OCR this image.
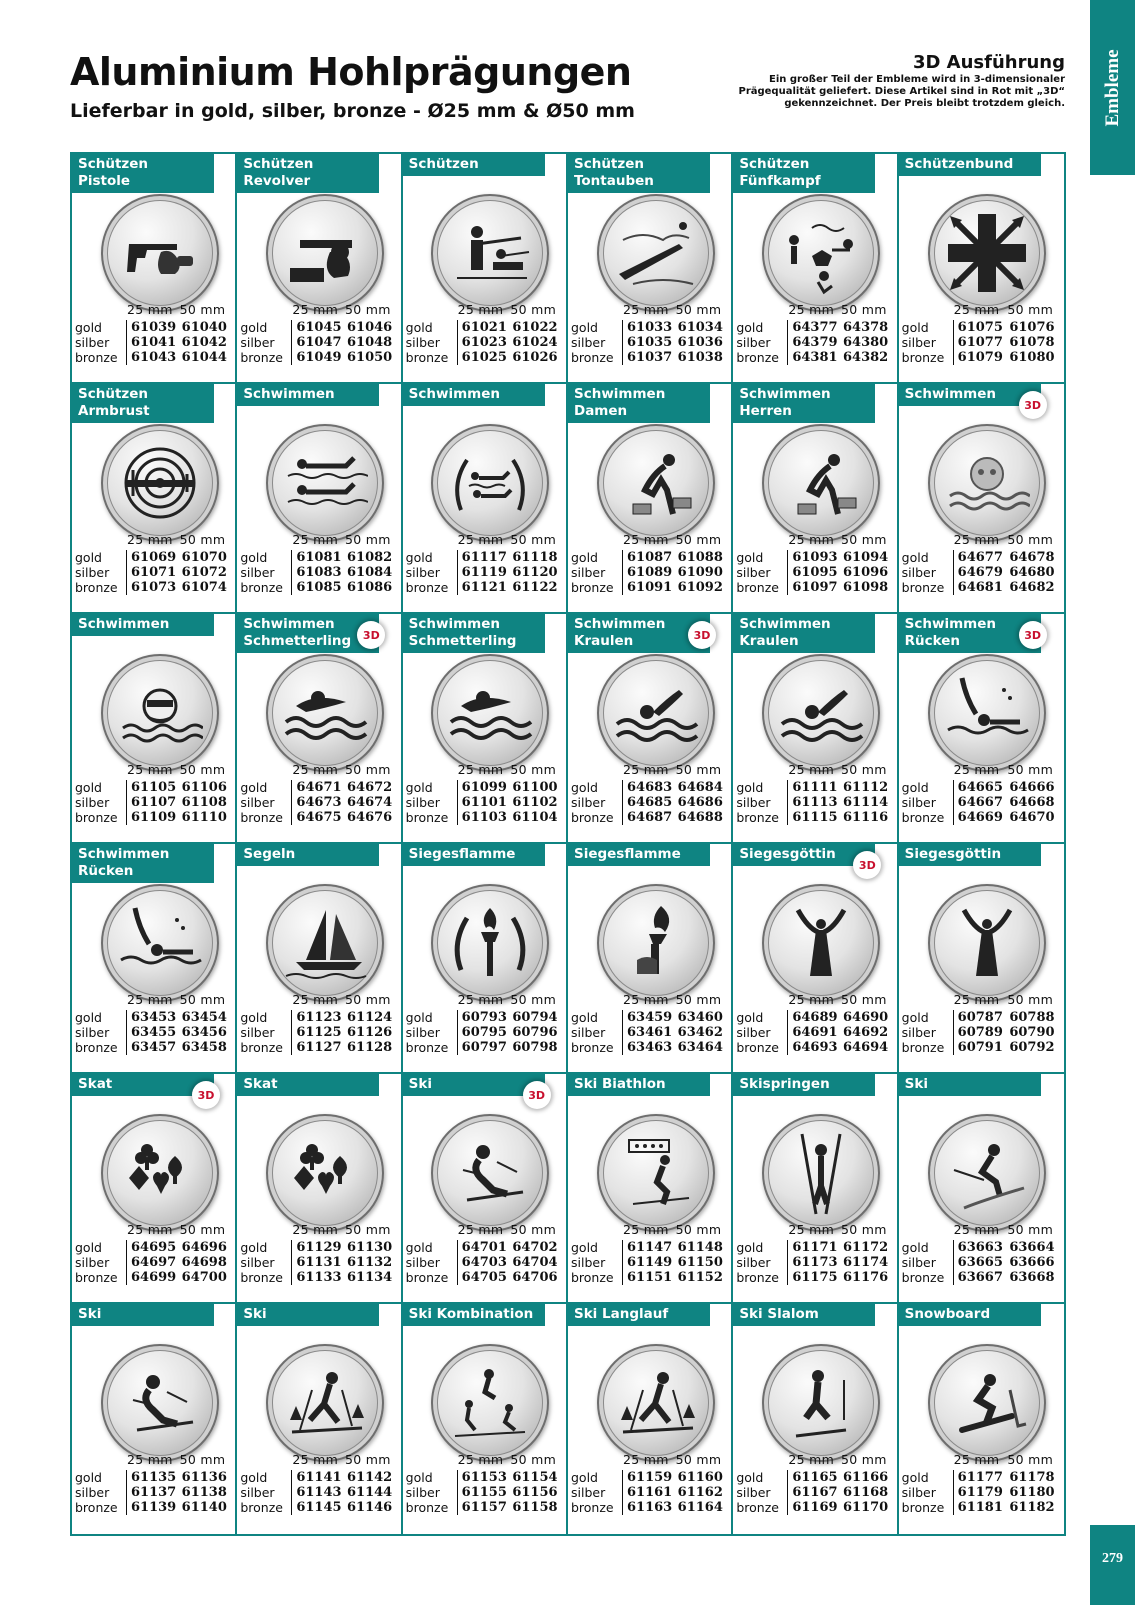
Aluminium Hohlprägungen
Lieferbar in gold, silber, bronze - Ø25 mm & Ø50 mm
3D Ausführung
Ein großer Teil der Embleme wird in 3-dimensionaler
Prägequalität geliefert. Diese Artikel sind in Rot mit „3D“
gekennzeichnet. Der Preis bleibt trotzdem gleich. Embleme
Schützen
Pistole
25 mm 50 mm
gold	61039 61040
silber	61041 61042
bronze	61043 61044
Schützen
Revolver
25 mm 50 mm
gold	61045 61046
silber	61047 61048
bronze	61049 61050
Schützen
25 mm 50 mm
gold	61021 61022
silber	61023 61024
bronze	61025 61026
Schützen
Tontauben
25 mm 50 mm
gold	61033 61034
silber	61035 61036
bronze	61037 61038
Schützen
Fünfkampf
25 mm 50 mm
gold	64377 64378
silber	64379 64380
bronze	64381 64382
Schützenbund
25 mm 50 mm
gold	61075 61076
silber	61077 61078
bronze	61079 61080
Schützen
Armbrust
25 mm 50 mm
gold	61069 61070
silber	61071 61072
bronze	61073 61074
Schwimmen
25 mm 50 mm
gold	61081 61082
silber	61083 61084
bronze	61085 61086
Schwimmen
25 mm 50 mm
gold	61117 61118
silber	61119 61120
bronze	61121 61122
Schwimmen
Damen
25 mm 50 mm
gold	61087 61088
silber	61089 61090
bronze	61091 61092
Schwimmen
Herren
25 mm 50 mm
gold	61093 61094
silber	61095 61096
bronze	61097 61098
Schwimmen
3D
25 mm 50 mm
gold	64677 64678
silber	64679 64680
bronze	64681 64682
Schwimmen
25 mm 50 mm
gold	61105 61106
silber	61107 61108
bronze	61109 61110
Schwimmen
Schmetterling	3D
25 mm 50 mm
gold	64671 64672
silber	64673 64674
bronze	64675 64676
Schwimmen
Schmetterling
25 mm 50 mm
gold	61099 61100
silber	61101 61102
bronze	61103 61104
Schwimmen
Kraulen	3D
25 mm 50 mm
gold	64683 64684
silber	64685 64686
bronze	64687 64688
Schwimmen
Kraulen
25 mm 50 mm
gold	61111 61112
silber	61113 61114
bronze	61115 61116
Schwimmen
Rücken	3D
25 mm 50 mm
gold	64665 64666
silber	64667 64668
bronze	64669 64670
Schwimmen
Rücken
25 mm 50 mm
gold	63453 63454
silber	63455 63456
bronze	63457 63458
Segeln
25 mm 50 mm
gold	61123 61124
silber	61125 61126
bronze	61127 61128
Siegesflamme
25 mm 50 mm
gold	60793 60794
silber	60795 60796
bronze	60797 60798
Siegesflamme
25 mm 50 mm
gold	63459 63460
silber	63461 63462
bronze	63463 63464
Siegesgöttin
3D
25 mm 50 mm
gold	64689 64690
silber	64691 64692
bronze	64693 64694
Siegesgöttin
25 mm 50 mm
gold	60787 60788
silber	60789 60790
bronze	60791 60792
Skat
3D
25 mm 50 mm
gold	64695 64696
silber	64697 64698
bronze	64699 64700
Skat
25 mm 50 mm
gold	61129 61130
silber	61131 61132
bronze	61133 61134
Ski
3D
25 mm 50 mm
gold	64701 64702
silber	64703 64704
bronze	64705 64706
Ski Biathlon
25 mm 50 mm
gold	61147 61148
silber	61149 61150
bronze	61151 61152
Skispringen
25 mm 50 mm
gold	61171 61172
silber	61173 61174
bronze	61175 61176
Ski
25 mm 50 mm
gold	63663 63664
silber	63665 63666
bronze	63667 63668
Ski
25 mm 50 mm
gold	61135 61136
silber	61137 61138
bronze	61139 61140
Ski
25 mm 50 mm
gold	61141 61142
silber	61143 61144
bronze	61145 61146
Ski Kombination
25 mm 50 mm
gold	61153 61154
silber	61155 61156
bronze	61157 61158
Ski Langlauf
25 mm 50 mm
gold	61159 61160
silber	61161 61162
bronze	61163 61164
Ski Slalom
25 mm 50 mm
gold	61165 61166
silber	61167 61168
bronze	61169 61170
Snowboard
25 mm 50 mm
gold	61177 61178
silber	61179 61180
bronze	61181 61182
279
